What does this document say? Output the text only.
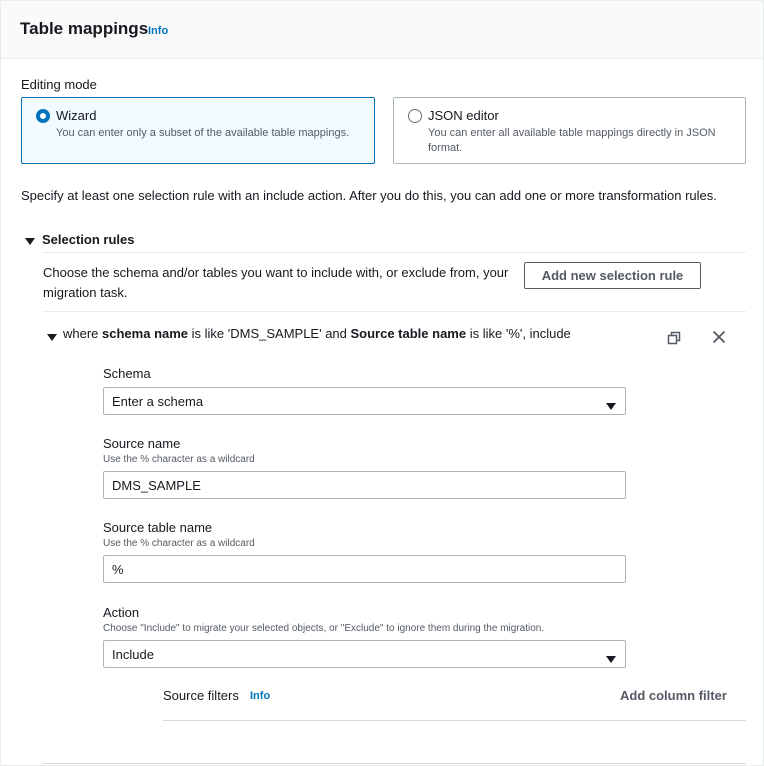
Table mappings Info
Editing mode
Wizard
You can enter only a subset of the available table mappings.
JSON editor
You can enter all available table mappings directly in JSON format.
Specify at least one selection rule with an include action. After you do this, you can add one or more transformation rules.
Selection rules
Choose the schema and/or tables you want to include with, or exclude from, your migration task.
Add new selection rule
where schema name is like 'DMS_SAMPLE' and Source table name is like '%', include
Schema
Enter a schema
Source name
Use the % character as a wildcard
DMS_SAMPLE
Source table name
Use the % character as a wildcard
%
Action
Choose "Include" to migrate your selected objects, or "Exclude" to ignore them during the migration.
Include
Source filters Info	Add column filter
